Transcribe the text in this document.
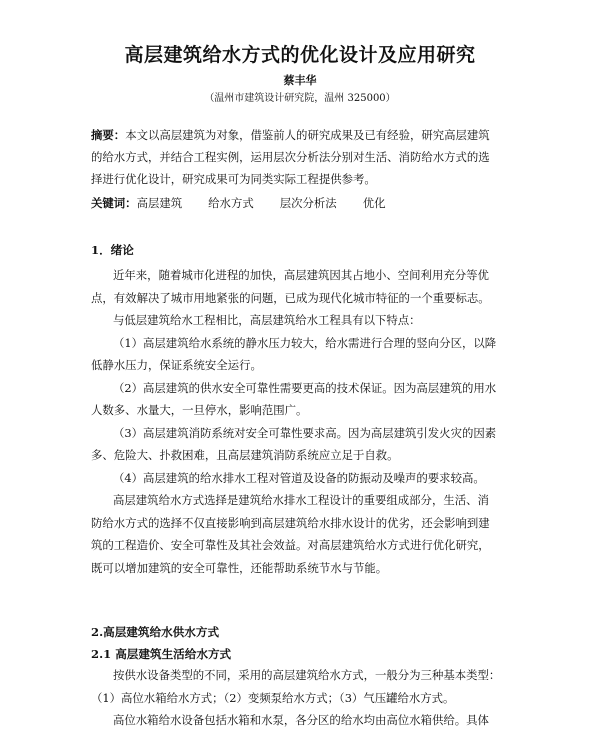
高层建筑给水方式的优化设计及应用研究
蔡丰华
（温州市建筑设计研究院，温州 325000）
摘要：本文以高层建筑为对象，借鉴前人的研究成果及已有经验，研究高层建筑
的给水方式，并结合工程实例，运用层次分析法分别对生活、消防给水方式的选
择进行优化设计，研究成果可为同类实际工程提供参考。
关键词：高层建筑 给水方式 层次分析法 优化
1．绪论
近年来，随着城市化进程的加快，高层建筑因其占地小、空间利用充分等优
点，有效解决了城市用地紧张的问题，已成为现代化城市特征的一个重要标志。
与低层建筑给水工程相比，高层建筑给水工程具有以下特点：
（1）高层建筑给水系统的静水压力较大，给水需进行合理的竖向分区，以降
低静水压力，保证系统安全运行。
（2）高层建筑的供水安全可靠性需要更高的技术保证。因为高层建筑的用水
人数多、水量大，一旦停水，影响范围广。
（3）高层建筑消防系统对安全可靠性要求高。因为高层建筑引发火灾的因素
多、危险大、扑救困难，且高层建筑消防系统应立足于自救。
（4）高层建筑的给水排水工程对管道及设备的防振动及噪声的要求较高。
高层建筑给水方式选择是建筑给水排水工程设计的重要组成部分，生活、消
防给水方式的选择不仅直接影响到高层建筑给水排水设计的优劣，还会影响到建
筑的工程造价、安全可靠性及其社会效益。对高层建筑给水方式进行优化研究，
既可以增加建筑的安全可靠性，还能帮助系统节水与节能。
2.高层建筑给水供水方式
2.1 高层建筑生活给水方式
按供水设备类型的不同，采用的高层建筑给水方式，一般分为三种基本类型：
（1）高位水箱给水方式；（2）变频泵给水方式；（3）气压罐给水方式。
高位水箱给水设备包括水箱和水泵，各分区的给水均由高位水箱供给。具体
